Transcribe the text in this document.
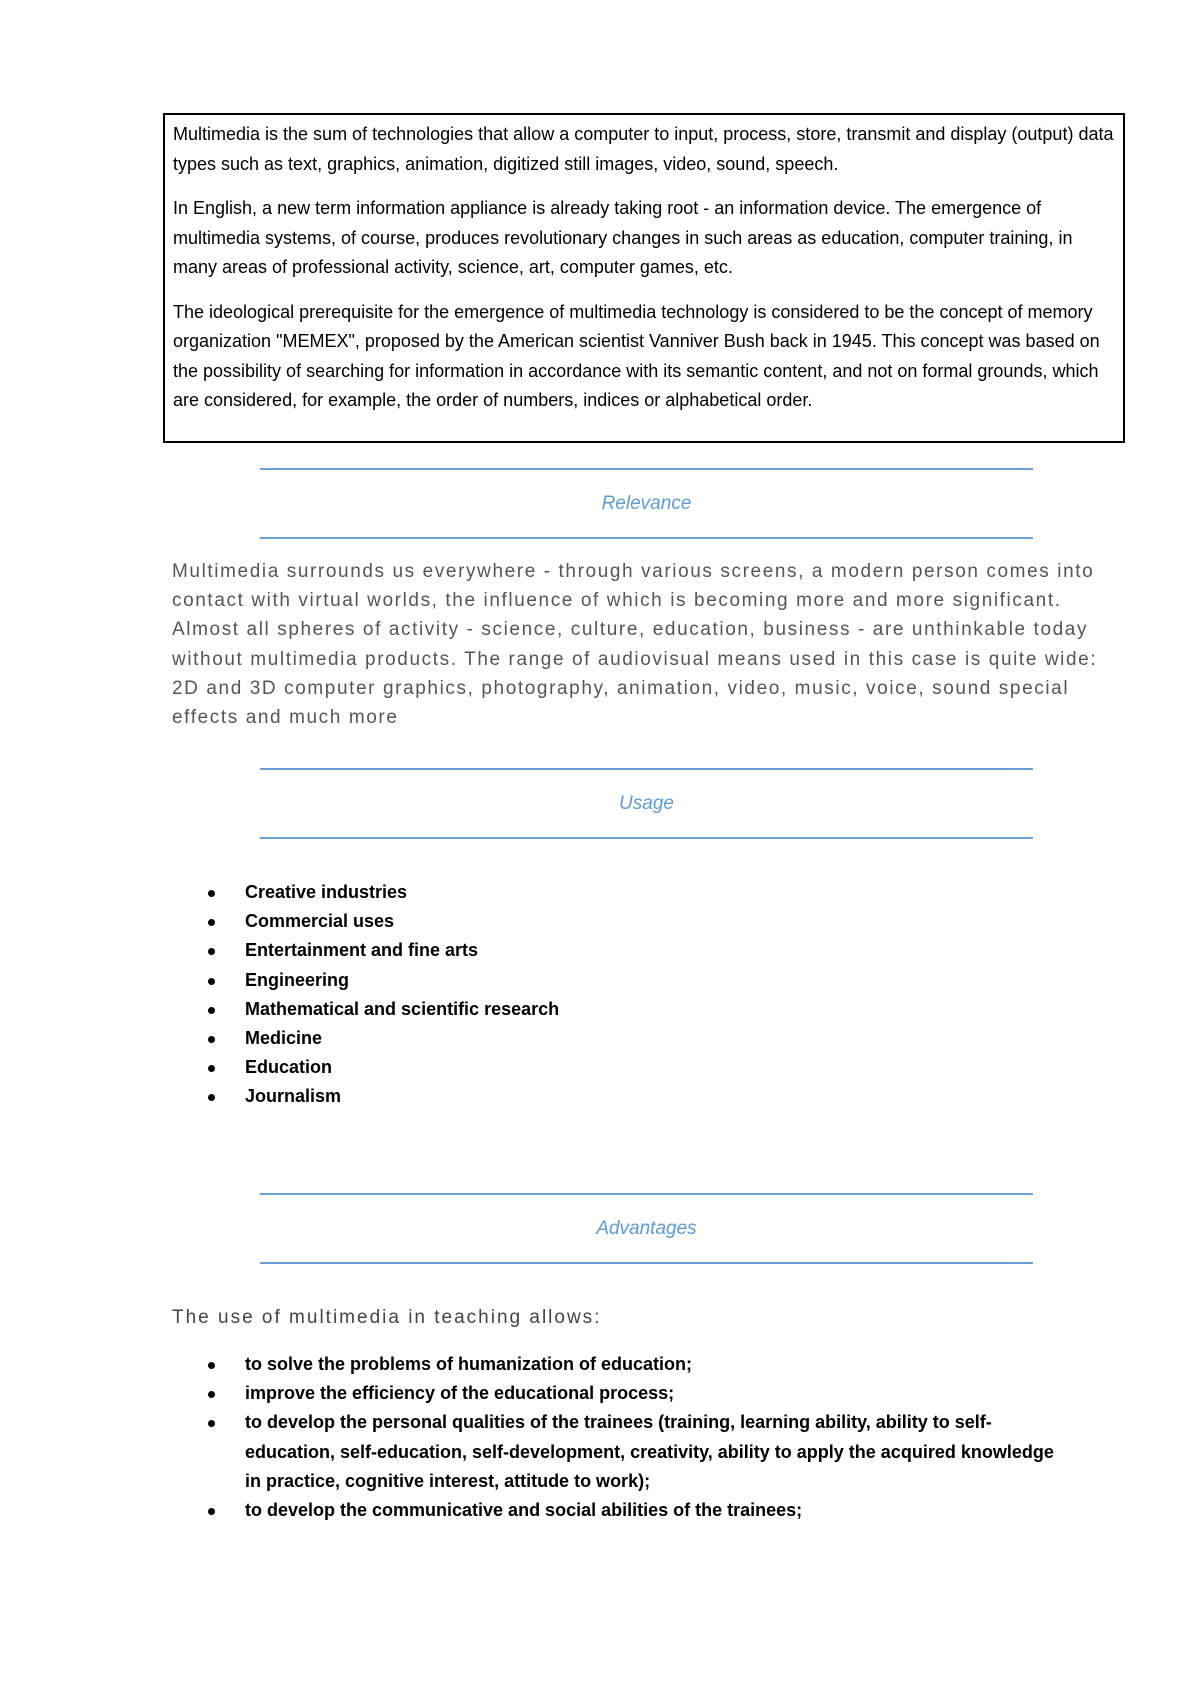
Multimedia is the sum of technologies that allow a computer to input, process, store, transmit and display (output) data types such as text, graphics, animation, digitized still images, video, sound, speech.

In English, a new term information appliance is already taking root - an information device. The emergence of multimedia systems, of course, produces revolutionary changes in such areas as education, computer training, in many areas of professional activity, science, art, computer games, etc.

The ideological prerequisite for the emergence of multimedia technology is considered to be the concept of memory organization "MEMEX", proposed by the American scientist Vanniver Bush back in 1945. This concept was based on the possibility of searching for information in accordance with its semantic content, and not on formal grounds, which are considered, for example, the order of numbers, indices or alphabetical order.

Relevance

Multimedia surrounds us everywhere - through various screens, a modern person comes into contact with virtual worlds, the influence of which is becoming more and more significant. Almost all spheres of activity - science, culture, education, business - are unthinkable today without multimedia products. The range of audiovisual means used in this case is quite wide: 2D and 3D computer graphics, photography, animation, video, music, voice, sound special effects and much more

Usage
Creative industries
Commercial uses
Entertainment and fine arts
Engineering
Mathematical and scientific research
Medicine
Education
Journalism
Advantages

The use of multimedia in teaching allows:

to solve the problems of humanization of education;
improve the efficiency of the educational process;
to develop the personal qualities of the trainees (training, learning ability, ability to self-education, self-education, self-development, creativity, ability to apply the acquired knowledge in practice, cognitive interest, attitude to work);
to develop the communicative and social abilities of the trainees;
